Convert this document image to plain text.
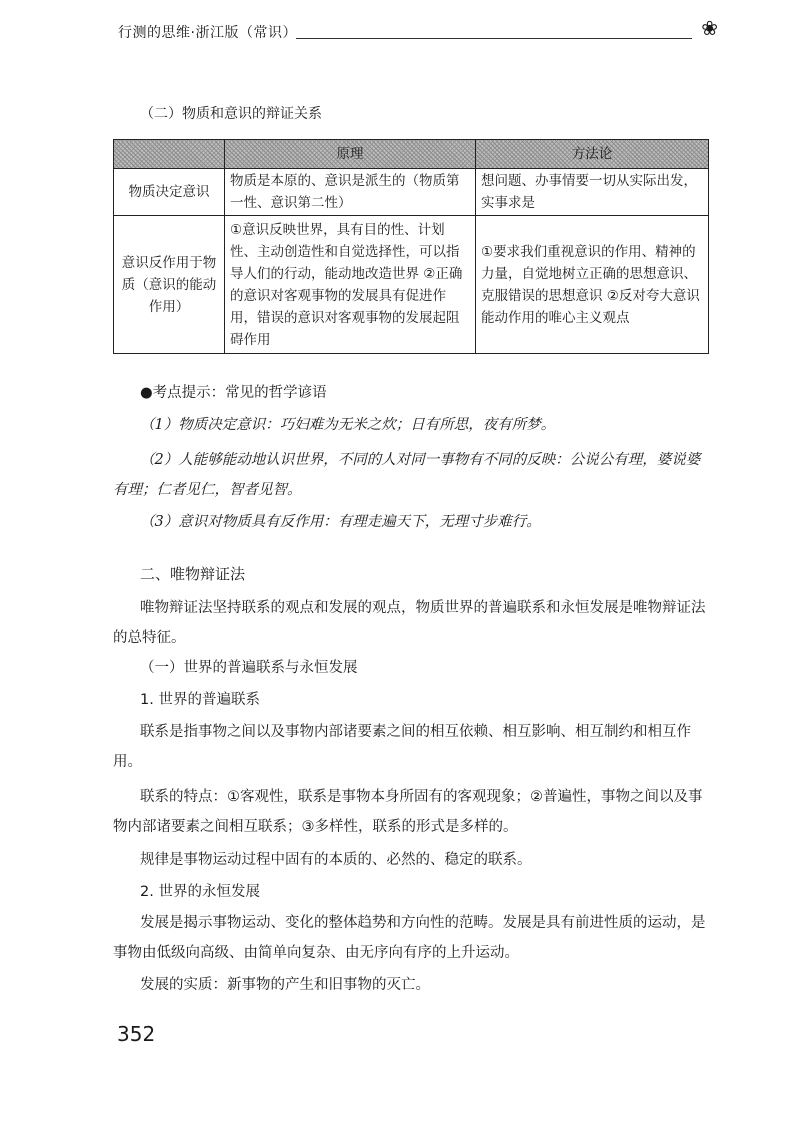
行测的思维·浙江版（常识）	❀
（二）物质和意识的辩证关系
	原理	方法论
物质决定意识	物质是本原的、意识是派生的（物质第一性、意识第二性）	想问题、办事情要一切从实际出发，实事求是
意识反作用于物质（意识的能动作用）	①意识反映世界，具有目的性、计划性、主动创造性和自觉选择性，可以指导人们的行动，能动地改造世界 ②正确的意识对客观事物的发展具有促进作用，错误的意识对客观事物的发展起阻碍作用	①要求我们重视意识的作用、精神的力量，自觉地树立正确的思想意识、克服错误的思想意识 ②反对夸大意识能动作用的唯心主义观点
●考点提示：常见的哲学谚语
（1）物质决定意识：巧妇难为无米之炊；日有所思，夜有所梦。
（2）人能够能动地认识世界，不同的人对同一事物有不同的反映：公说公有理，婆说婆有理；仁者见仁，智者见智。
（3）意识对物质具有反作用：有理走遍天下，无理寸步难行。
二、唯物辩证法
唯物辩证法坚持联系的观点和发展的观点，物质世界的普遍联系和永恒发展是唯物辩证法的总特征。
（一）世界的普遍联系与永恒发展
1. 世界的普遍联系
联系是指事物之间以及事物内部诸要素之间的相互依赖、相互影响、相互制约和相互作用。
联系的特点：①客观性，联系是事物本身所固有的客观现象；②普遍性，事物之间以及事物内部诸要素之间相互联系；③多样性，联系的形式是多样的。
规律是事物运动过程中固有的本质的、必然的、稳定的联系。
2. 世界的永恒发展
发展是揭示事物运动、变化的整体趋势和方向性的范畴。发展是具有前进性质的运动，是事物由低级向高级、由简单向复杂、由无序向有序的上升运动。
发展的实质：新事物的产生和旧事物的灭亡。
352
